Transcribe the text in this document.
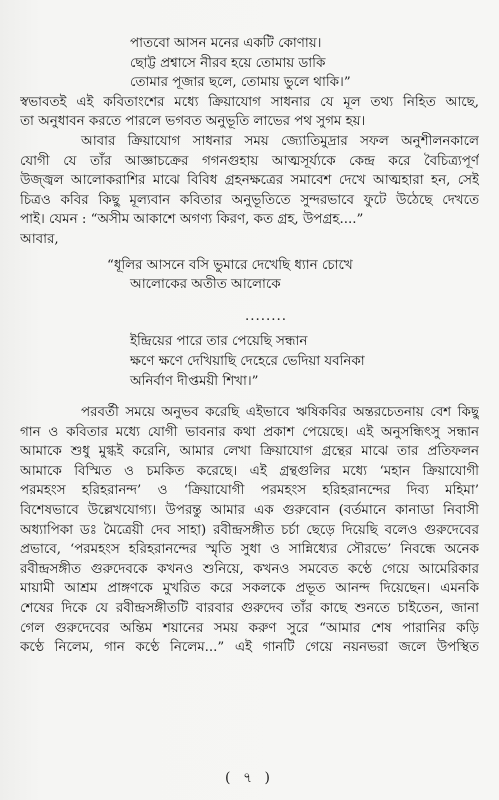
পাতবো আসন মনের একটি কোণায়।
ছোট্ট প্রশ্বাসে নীরব হয়ে তোমায় ডাকি
তোমার পূজার ছলে, তোমায় ভুলে থাকি।”
স্বভাবতই এই কবিতাংশের মধ্যে ক্রিয়াযোগ সাধনার যে মূল তথ্য নিহিত আছে,
তা অনুধাবন করতে পারলে ভগবত অনুভূতি লাভের পথ সুগম হয়।
আবার ক্রিয়াযোগ সাধনার সময় জ্যোতিমুদ্রার সফল অনুশীলনকালে
যোগী যে তাঁর আজ্ঞাচক্রের গগনগুহায় আত্মসূর্য্যকে কেন্দ্র করে বৈচিত্র্যপূর্ণ
উজ্জ্বল আলোকরাশির মাঝে বিবিধ গ্রহনক্ষত্রের সমাবেশ দেখে আত্মহারা হন, সেই
চিত্রও কবির কিছু মূল্যবান কবিতার অনুভূতিতে সুন্দরভাবে ফুটে উঠেছে দেখতে
পাই। যেমন : “অসীম আকাশে অগণ্য কিরণ, কত গ্রহ, উপগ্রহ....”
আবার,
“ধূলির আসনে বসি ভুমারে দেখেছি ধ্যান চোখে
আলোকের অতীত আলোকে
........
ইন্দ্রিয়ের পারে তার পেয়েছি সন্ধান
ক্ষণে ক্ষণে দেখিয়াছি দেহেরে ভেদিয়া যবনিকা
অনির্বাণ দীপ্তময়ী শিখা।”
পরবর্তী সময়ে অনুভব করেছি এইভাবে ঋষিকবির অন্তরচেতনায় বেশ কিছু
গান ও কবিতার মধ্যে যোগী ভাবনার কথা প্রকাশ পেয়েছে। এই অনুসন্ধিৎসু সন্ধান
আমাকে শুধু মুগ্ধই করেনি, আমার লেখা ক্রিয়াযোগ গ্রন্থের মাঝে তার প্রতিফলন
আমাকে বিস্মিত ও চমকিত করেছে। এই গ্রন্থগুলির মধ্যে ‘মহান ক্রিয়াযোগী
পরমহংস হরিহরানন্দ’ ও ‘ক্রিয়াযোগী পরমহংস হরিহরানন্দের দিব্য মহিমা’
বিশেষভাবে উল্লেখযোগ্য। উপরন্তু আমার এক গুরুবোন (বর্তমানে কানাডা নিবাসী
অধ্যাপিকা ডঃ মৈত্রেয়ী দেব সাহা) রবীন্দ্রসঙ্গীত চর্চা ছেড়ে দিয়েছি বলেও গুরুদেবের
প্রভাবে, ‘পরমহংস হরিহরানন্দের স্মৃতি সুধা ও সান্নিধ্যের সৌরভে’ নিবন্ধে অনেক
রবীন্দ্রসঙ্গীত গুরুদেবকে কখনও শুনিয়ে, কখনও সমবেত কণ্ঠে গেয়ে আমেরিকার
মায়ামী আশ্রম প্রাঙ্গণকে মুখরিত করে সকলকে প্রভূত আনন্দ দিয়েছেন। এমনকি
শেষের দিকে যে রবীন্দ্রসঙ্গীতটি বারবার গুরুদেব তাঁর কাছে শুনতে চাইতেন, জানা
গেল গুরুদেবের অন্তিম শয়ানের সময় করুণ সুরে “আমার শেষ পারানির কড়ি
কণ্ঠে নিলেম, গান কণ্ঠে নিলেম...” এই গানটি গেয়ে নয়নভরা জলে উপস্থিত
( ৭ )
